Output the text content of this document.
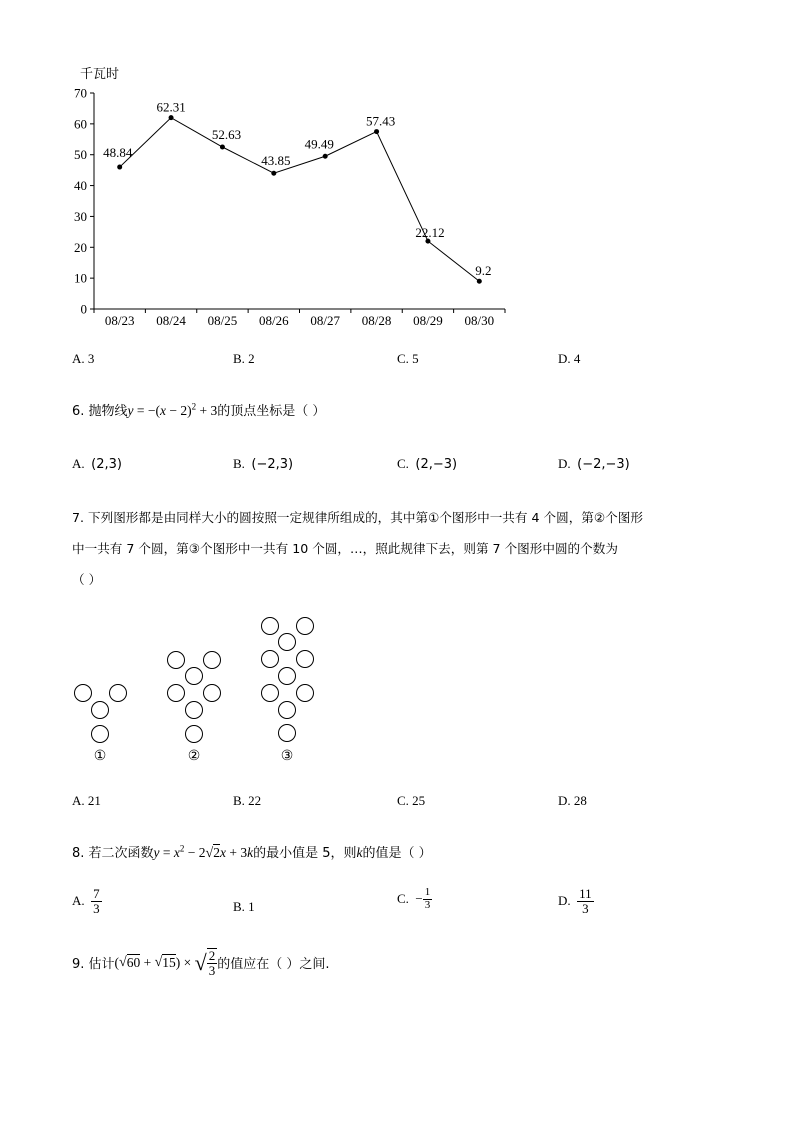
千瓦时
0
10
20
30
40
50
60
70
08/23 08/24 08/25 08/26 08/27 08/28 08/29 08/30
48.84
62.31
52.63
43.85
49.49
57.43
22.12
9.2
A. 3	B. 2	C. 5	D. 4
6. 抛物线$y = -(x - 2)^2 + 3$的顶点坐标是（ ）
A. (2,3)	B. (−2,3)	C. (2,−3)	D. (−2,−3)
7. 下列图形都是由同样大小的圆按照一定规律所组成的，其中第①个图形中一共有 4 个圆，第②个图形
中一共有 7 个圆，第③个图形中一共有 10 个圆，…，照此规律下去，则第 7 个图形中圆的个数为
（ ）
①	②	③
A. 21	B. 22	C. 25	D. 28
8. 若二次函数$y = x^2 - 2√2x + 3k$的最小值是 5，则k的值是（ ）
A. $\frac{7}{3}$	B. 1
C. − $\frac{1}{3}$	D. $\frac{11}{3}$
9. 估计 ( √ 60 + √ 15 ) × √ $\frac{2}{3}$ 的值应在（ ）之间.
